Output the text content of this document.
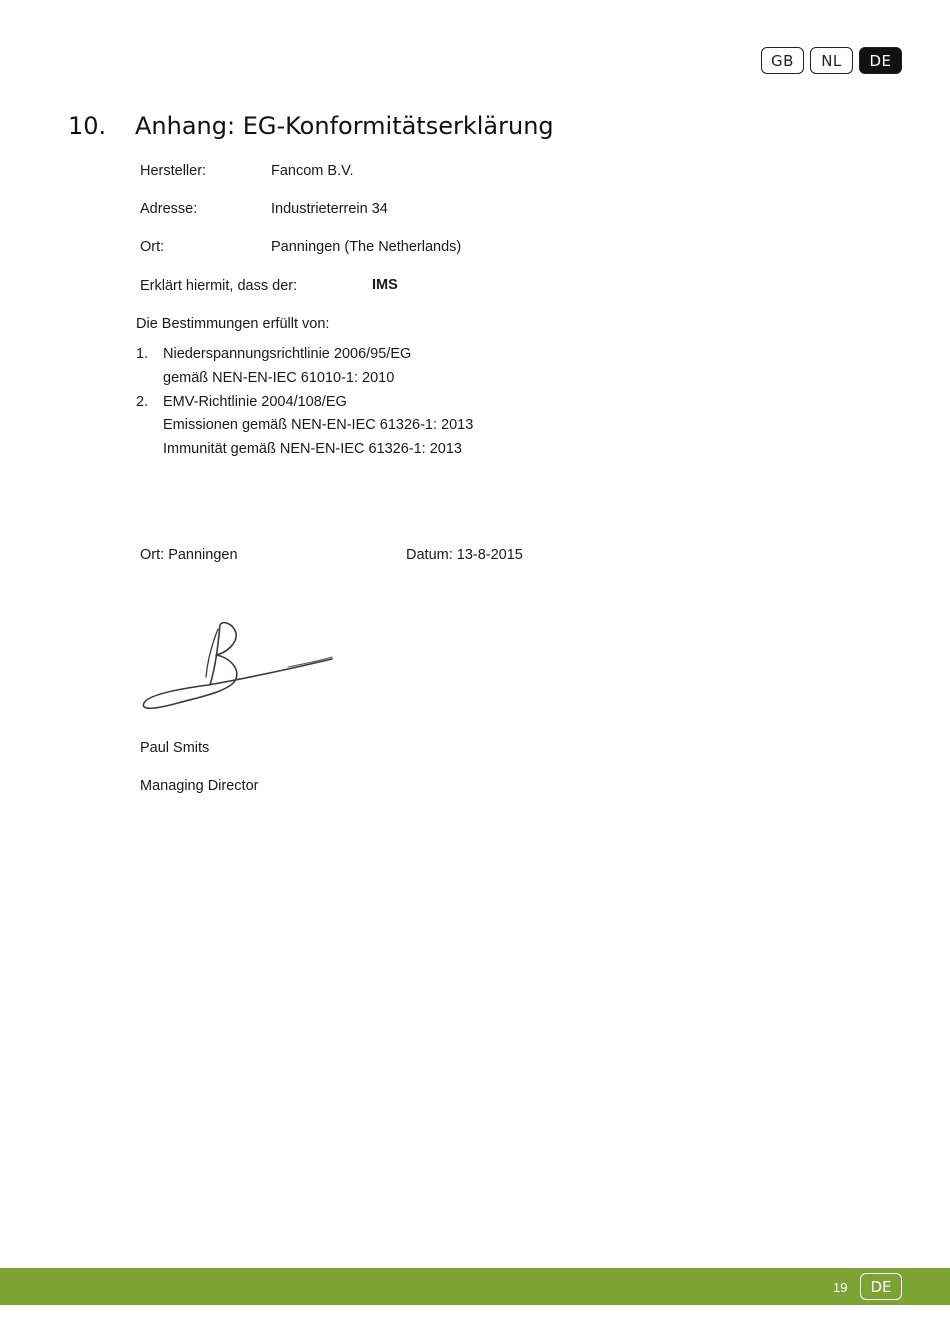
GB	NL	DE
10.	Anhang: EG-Konformitätserklärung
Hersteller:	Fancom B.V.
Adresse:	Industrieterrein 34
Ort:	Panningen (The Netherlands)
Erklärt hiermit, dass der:	IMS
Die Bestimmungen erfüllt von:
1.	Niederspannungsrichtlinie 2006/95/EG
gemäß NEN-EN-IEC 61010-1: 2010
2.	EMV-Richtlinie 2004/108/EG
Emissionen gemäß NEN-EN-IEC 61326-1: 2013
Immunität gemäß NEN-EN-IEC 61326-1: 2013
Ort: Panningen	Datum: 13-8-2015
Paul Smits
Managing Director
19	DE
